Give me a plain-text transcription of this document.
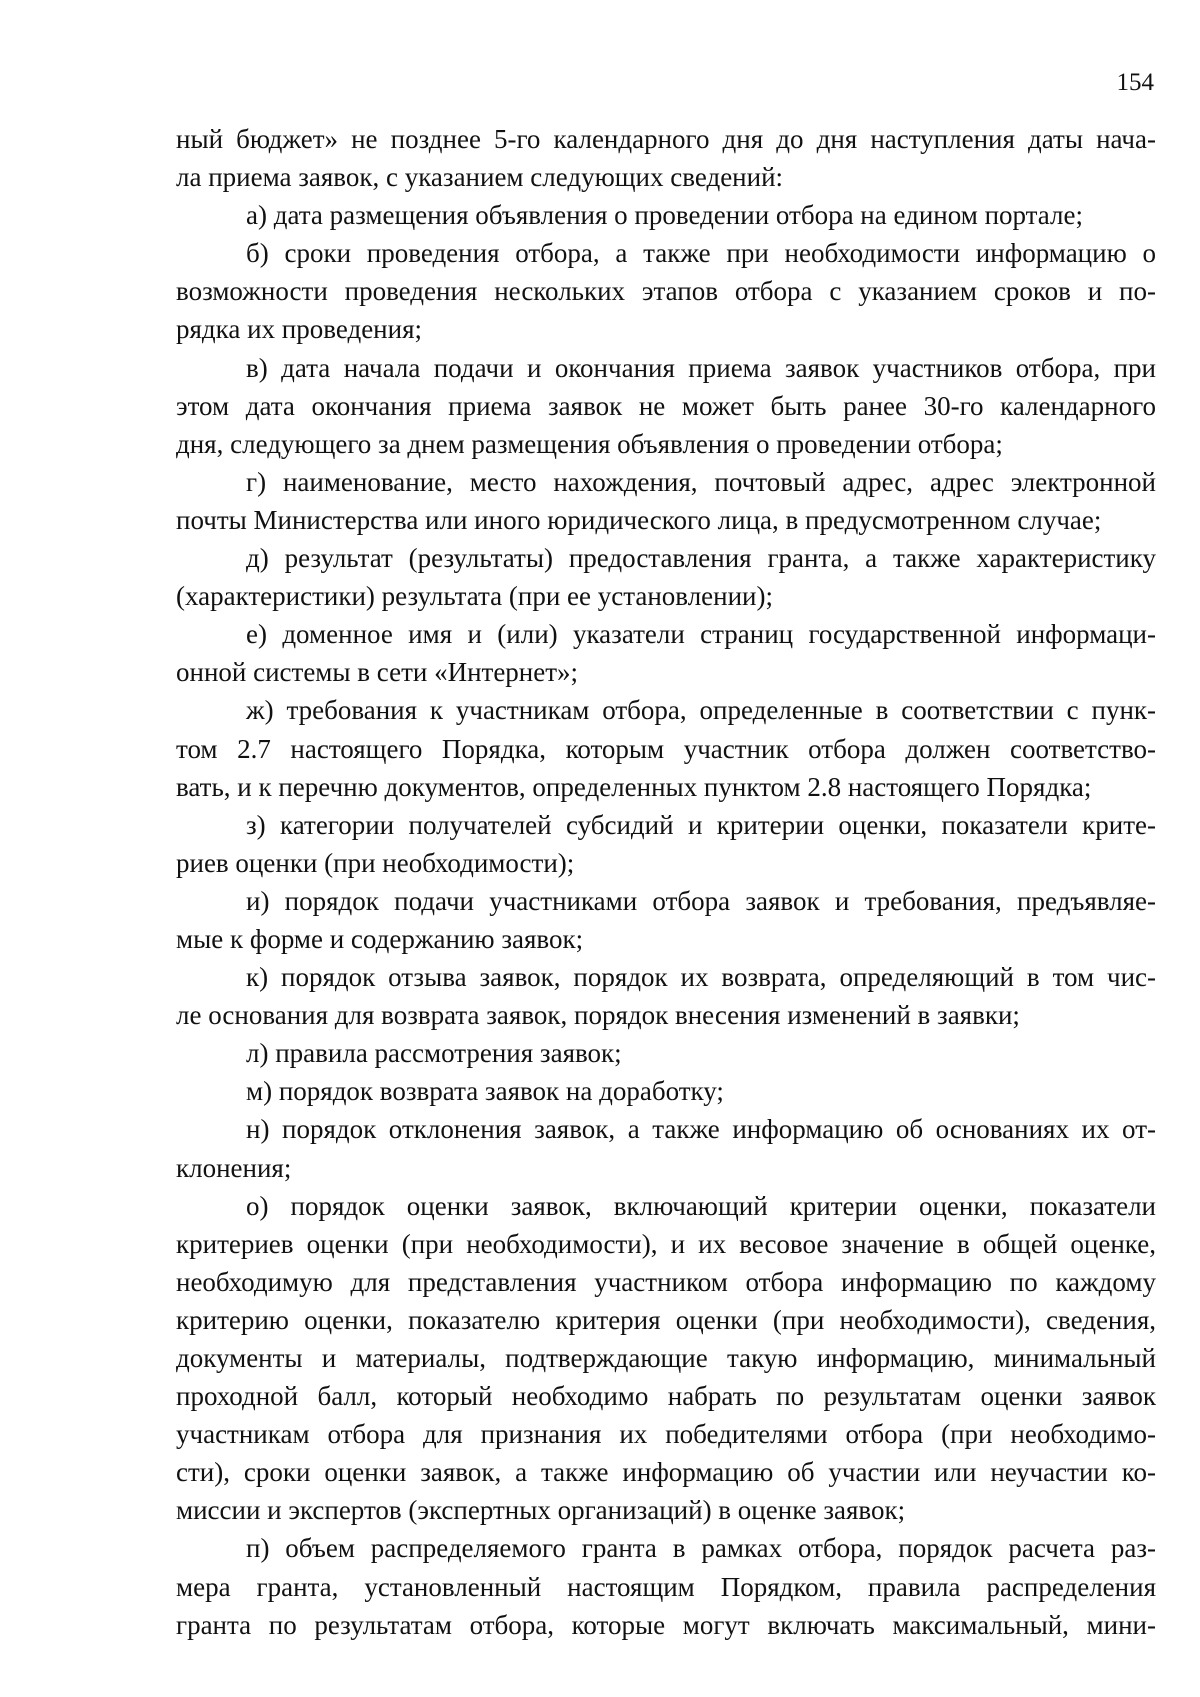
154
ный бюджет» не позднее 5-го календарного дня до дня наступления даты нача-
ла приема заявок, с указанием следующих сведений:
а) дата размещения объявления о проведении отбора на едином портале;
б) сроки проведения отбора, а также при необходимости информацию о
возможности проведения нескольких этапов отбора с указанием сроков и по-
рядка их проведения;
в) дата начала подачи и окончания приема заявок участников отбора, при
этом дата окончания приема заявок не может быть ранее 30-го календарного
дня, следующего за днем размещения объявления о проведении отбора;
г) наименование, место нахождения, почтовый адрес, адрес электронной
почты Министерства или иного юридического лица, в предусмотренном случае;
д) результат (результаты) предоставления гранта, а также характеристику
(характеристики) результата (при ее установлении);
е) доменное имя и (или) указатели страниц государственной информаци-
онной системы в сети «Интернет»;
ж) требования к участникам отбора, определенные в соответствии с пунк-
том 2.7 настоящего Порядка, которым участник отбора должен соответство-
вать, и к перечню документов, определенных пунктом 2.8 настоящего Порядка;
з) категории получателей субсидий и критерии оценки, показатели крите-
риев оценки (при необходимости);
и) порядок подачи участниками отбора заявок и требования, предъявляе-
мые к форме и содержанию заявок;
к) порядок отзыва заявок, порядок их возврата, определяющий в том чис-
ле основания для возврата заявок, порядок внесения изменений в заявки;
л) правила рассмотрения заявок;
м) порядок возврата заявок на доработку;
н) порядок отклонения заявок, а также информацию об основаниях их от-
клонения;
о) порядок оценки заявок, включающий критерии оценки, показатели
критериев оценки (при необходимости), и их весовое значение в общей оценке,
необходимую для представления участником отбора информацию по каждому
критерию оценки, показателю критерия оценки (при необходимости), сведения,
документы и материалы, подтверждающие такую информацию, минимальный
проходной балл, который необходимо набрать по результатам оценки заявок
участникам отбора для признания их победителями отбора (при необходимо-
сти), сроки оценки заявок, а также информацию об участии или неучастии ко-
миссии и экспертов (экспертных организаций) в оценке заявок;
п) объем распределяемого гранта в рамках отбора, порядок расчета раз-
мера гранта, установленный настоящим Порядком, правила распределения
гранта по результатам отбора, которые могут включать максимальный, мини-
